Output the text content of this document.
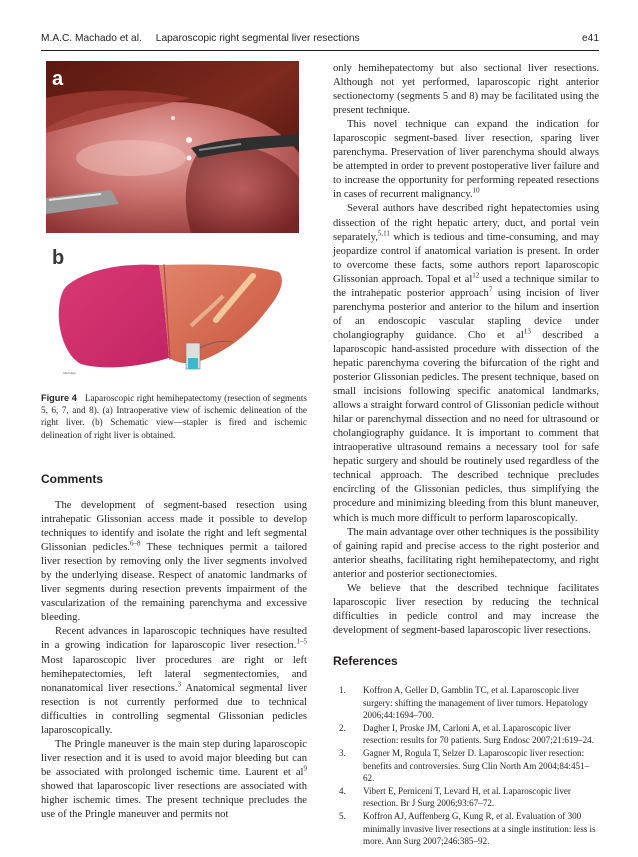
M.A.C. Machado et al. Laparoscopic right segmental liver resections	e41
a
b
Morolaju
Figure 4 Laparoscopic right hemihepatectomy (resection of segments 5, 6, 7, and 8). (a) Intraoperative view of ischemic delineation of the right liver. (b) Schematic view—stapler is fired and ischemic delineation of right liver is obtained.
Comments

The development of segment-based resection using intrahepatic Glissonian access made it possible to develop techniques to identify and isolate the right and left segmental Glissonian pedicles.$^{6-8}$ These techniques permit a tailored liver resection by removing only the liver segments involved by the underlying disease. Respect of anatomic landmarks of liver segments during resection prevents impairment of the vascularization of the remaining parenchyma and excessive bleeding.

Recent advances in laparoscopic techniques have resulted in a growing indication for laparoscopic liver resection.$^{1-5}$ Most laparoscopic liver procedures are right or left hemihepatectomies, left lateral segmentectomies, and nonanatomical liver resections.$^3$ Anatomical segmental liver resection is not currently performed due to technical difficulties in controlling segmental Glissonian pedicles laparoscopically.

The Pringle maneuver is the main step during laparoscopic liver resection and it is used to avoid major bleeding but can be associated with prolonged ischemic time. Laurent et $al^9$ showed that laparoscopic liver resections are associated with higher ischemic times. The present technique precludes the use of the Pringle maneuver and permits not

only hemihepatectomy but also sectional liver resections. Although not yet performed, laparoscopic right anterior sectionectomy (segments 5 and 8) may be facilitated using the present technique.

This novel technique can expand the indication for laparoscopic segment-based liver resection, sparing liver parenchyma. Preservation of liver parenchyma should always be attempted in order to prevent postoperative liver failure and to increase the opportunity for performing repeated resections in cases of recurrent malignancy.$^{10}$

Several authors have described right hepatectomies using dissection of the right hepatic artery, duct, and portal vein separately,$^{5,11}$ which is tedious and time-consuming, and may jeopardize control if anatomical variation is present. In order to overcome these facts, some authors report laparoscopic Glissonian approach. Topal et $al^{12}$ used a technique similar to the intrahepatic posterior approach$^7$ using incision of liver parenchyma posterior and anterior to the hilum and insertion of an endoscopic vascular stapling device under cholangiography guidance. Cho et $al^{13}$ described a laparoscopic hand-assisted procedure with dissection of the hepatic parenchyma covering the bifurcation of the right and posterior Glissonian pedicles. The present technique, based on small incisions following specific anatomical landmarks, allows a straight forward control of Glissonian pedicle without hilar or parenchymal dissection and no need for ultrasound or cholangiography guidance. It is important to comment that intraoperative ultrasound remains a necessary tool for safe hepatic surgery and should be routinely used regardless of the technical approach. The described technique precludes encircling of the Glissonian pedicles, thus simplifying the procedure and minimizing bleeding from this blunt maneuver, which is much more difficult to perform laparoscopically.

The main advantage over other techniques is the possibility of gaining rapid and precise access to the right posterior and anterior sheaths, facilitating right hemihepatectomy, and right anterior and posterior sectionectomies.

We believe that the described technique facilitates laparoscopic liver resection by reducing the technical difficulties in pedicle control and may increase the development of segment-based laparoscopic liver resections.

References
1. Koffron A, Geller D, Gamblin TC, et al. Laparoscopic liver surgery: shifting the management of liver tumors. Hepatology 2006;44:1694–700.
2. Dagher I, Proske JM, Carloni A, et al. Laparoscopic liver resection: results for 70 patients. Surg Endosc 2007;21:619–24.
3. Gagner M, Rogula T, Selzer D. Laparoscopic liver resection: benefits and controversies. Surg Clin North Am 2004;84:451–62.
4. Vibert E, Perniceni T, Levard H, et al. Laparoscopic liver resection. Br J Surg 2006;93:67–72.
5. Koffron AJ, Auffenberg G, Kung R, et al. Evaluation of 300 minimally invasive liver resections at a single institution: less is more. Ann Surg 2007;246:385–92.
